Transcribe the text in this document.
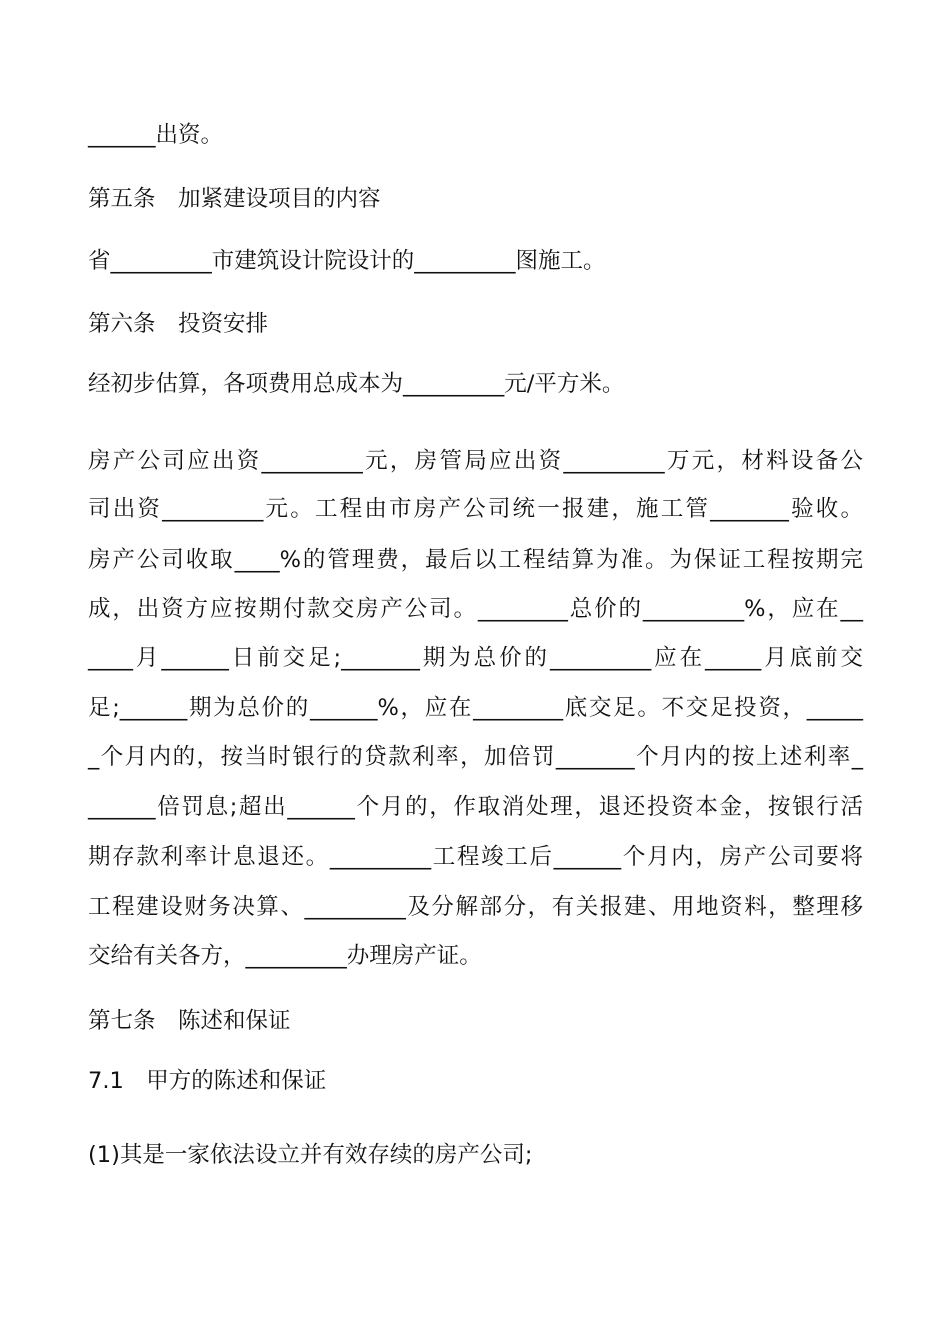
______出资。

第五条　加紧建设项目的内容

省_________市建筑设计院设计的_________图施工。

第六条　投资安排

经初步估算，各项费用总成本为_________元/平方米。

房产公司应出资_________元，房管局应出资_________万元，材料设备公

司出资_________元。工程由市房产公司统一报建，施工管_______验收。

房产公司收取____%的管理费，最后以工程结算为准。为保证工程按期完

成，出资方应按期付款交房产公司。________总价的_________%，应在__

____月______日前交足;_______期为总价的_________应在_____月底前交

足;______期为总价的______%，应在________底交足。不交足投资，_____

_个月内的，按当时银行的贷款利率，加倍罚_______个月内的按上述利率_

______倍罚息;超出______个月的，作取消处理，退还投资本金，按银行活

期存款利率计息退还。_________工程竣工后______个月内，房产公司要将

工程建设财务决算、_________及分解部分，有关报建、用地资料，整理移

交给有关各方，_________办理房产证。

第七条　陈述和保证

7.1　甲方的陈述和保证

(1)其是一家依法设立并有效存续的房产公司;
